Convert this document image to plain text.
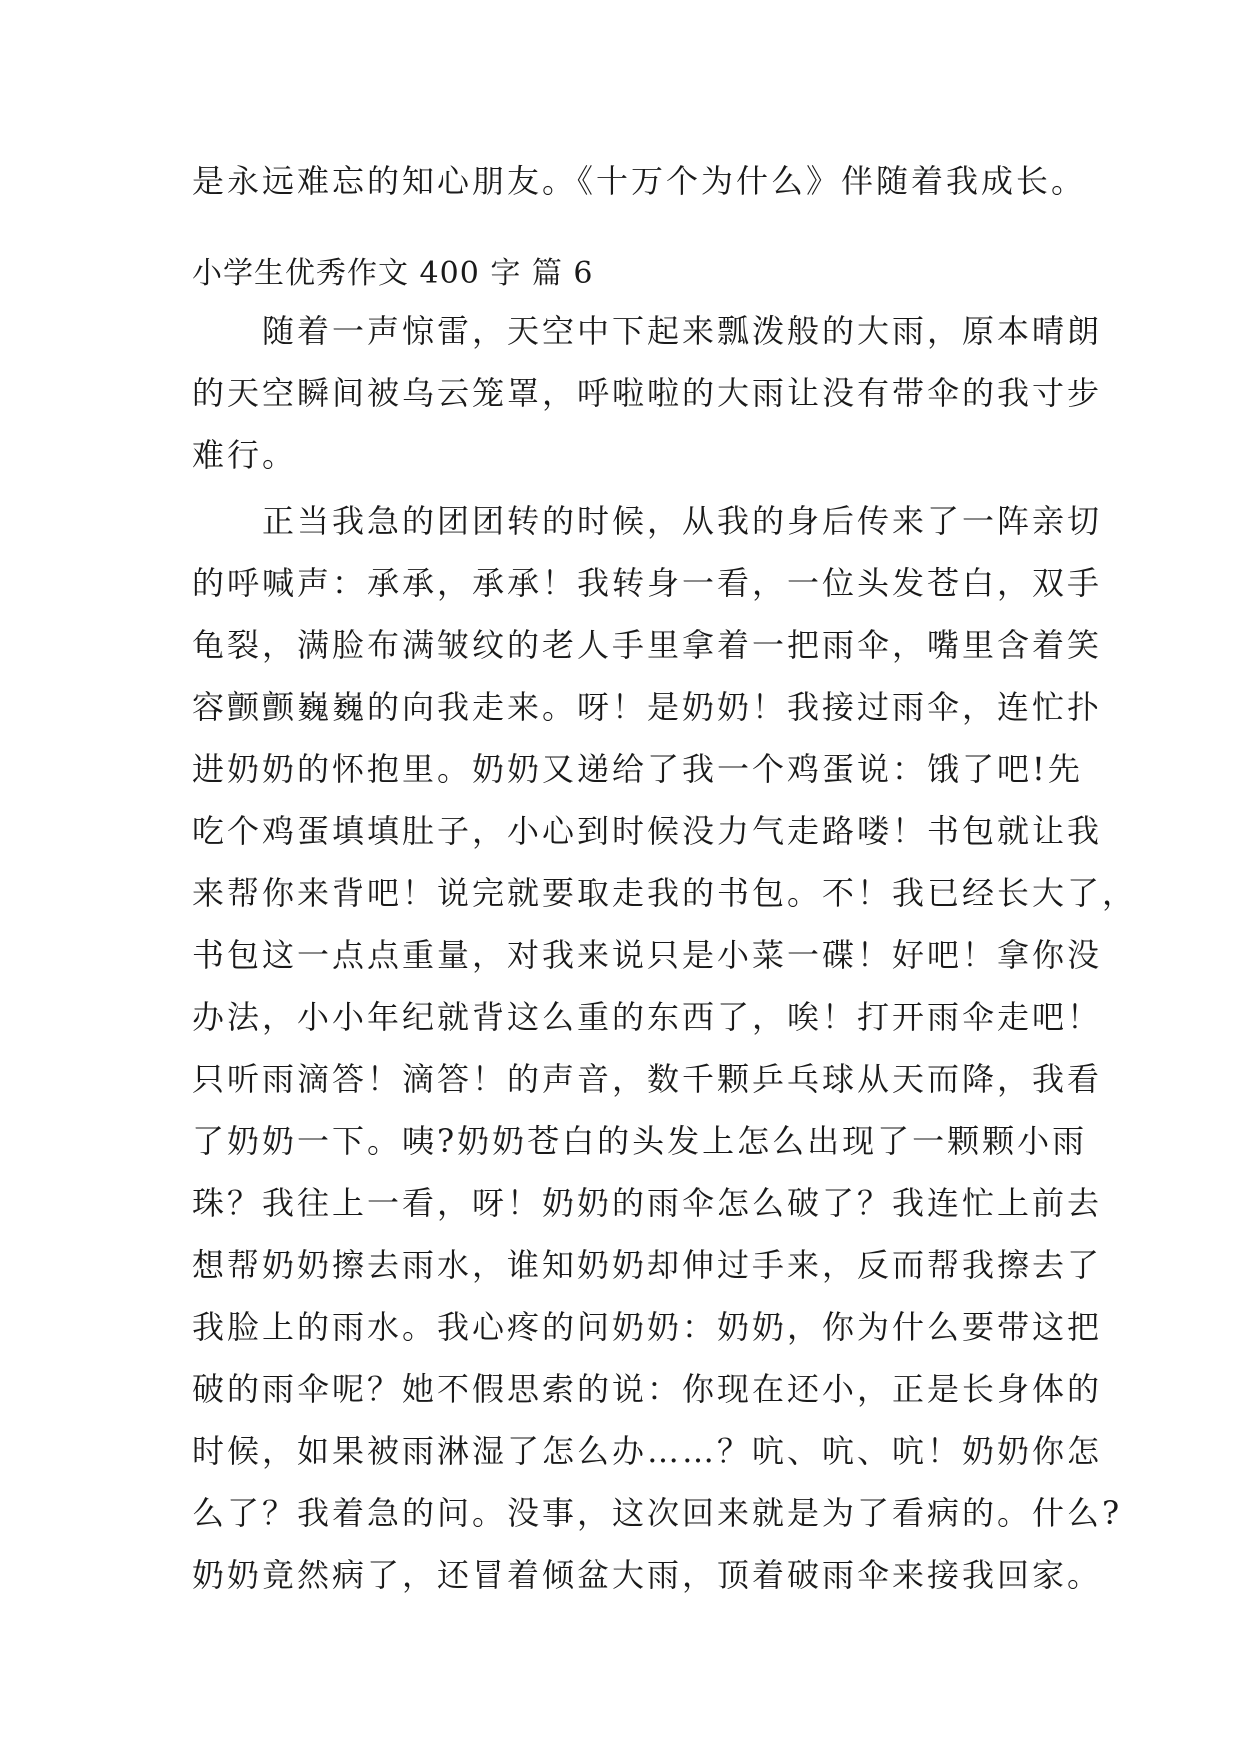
是永远难忘的知心朋友。《十万个为什么》伴随着我成长。

小学生优秀作文 400 字 篇 6

　　随着一声惊雷，天空中下起来瓢泼般的大雨，原本晴朗
的天空瞬间被乌云笼罩，呼啦啦的大雨让没有带伞的我寸步
难行。

　　正当我急的团团转的时候，从我的身后传来了一阵亲切
的呼喊声：承承，承承！我转身一看，一位头发苍白，双手
龟裂，满脸布满皱纹的老人手里拿着一把雨伞，嘴里含着笑
容颤颤巍巍的向我走来。呀！是奶奶！我接过雨伞，连忙扑
进奶奶的怀抱里。奶奶又递给了我一个鸡蛋说：饿了吧!先
吃个鸡蛋填填肚子，小心到时候没力气走路喽！书包就让我
来帮你来背吧！说完就要取走我的书包。不！我已经长大了，
书包这一点点重量，对我来说只是小菜一碟！好吧！拿你没
办法，小小年纪就背这么重的东西了，唉！打开雨伞走吧！
只听雨滴答！滴答！的声音，数千颗乒乓球从天而降，我看
了奶奶一下。咦?奶奶苍白的头发上怎么出现了一颗颗小雨
珠？我往上一看，呀！奶奶的雨伞怎么破了？我连忙上前去
想帮奶奶擦去雨水，谁知奶奶却伸过手来，反而帮我擦去了
我脸上的雨水。我心疼的问奶奶：奶奶，你为什么要带这把
破的雨伞呢？她不假思索的说：你现在还小，正是长身体的
时候，如果被雨淋湿了怎么办……？吭、吭、吭！奶奶你怎
么了？我着急的问。没事，这次回来就是为了看病的。什么?
奶奶竟然病了，还冒着倾盆大雨，顶着破雨伞来接我回家。
